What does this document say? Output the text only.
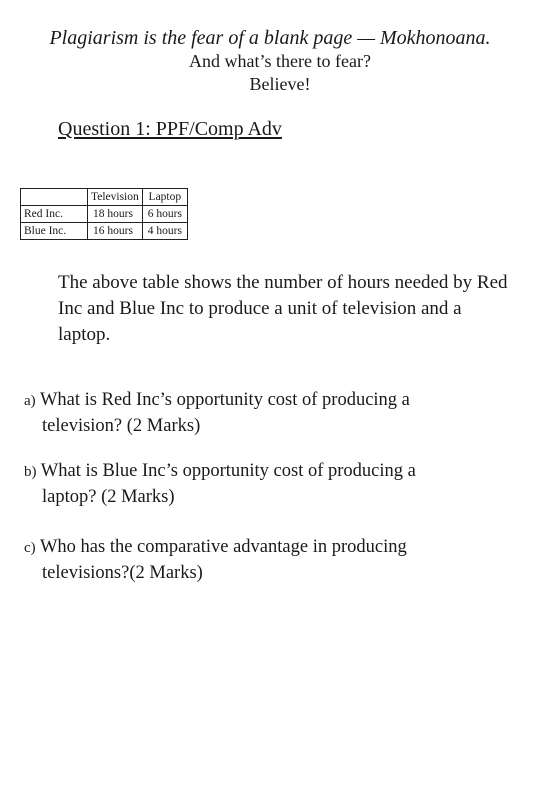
Plagiarism is the fear of a blank page — Mokhonoana.
And what’s there to fear?
Believe!
Question 1: PPF/Comp Adv
	Television	Laptop
Red Inc.	18 hours	6 hours
Blue Inc.	16 hours	4 hours
The above table shows the number of hours needed by Red Inc and Blue Inc to produce a unit of television and a laptop.
a) What is Red Inc’s opportunity cost of producing a
television? (2 Marks)
b) What is Blue Inc’s opportunity cost of producing a
laptop? (2 Marks)
c) Who has the comparative advantage in producing
televisions?(2 Marks)
